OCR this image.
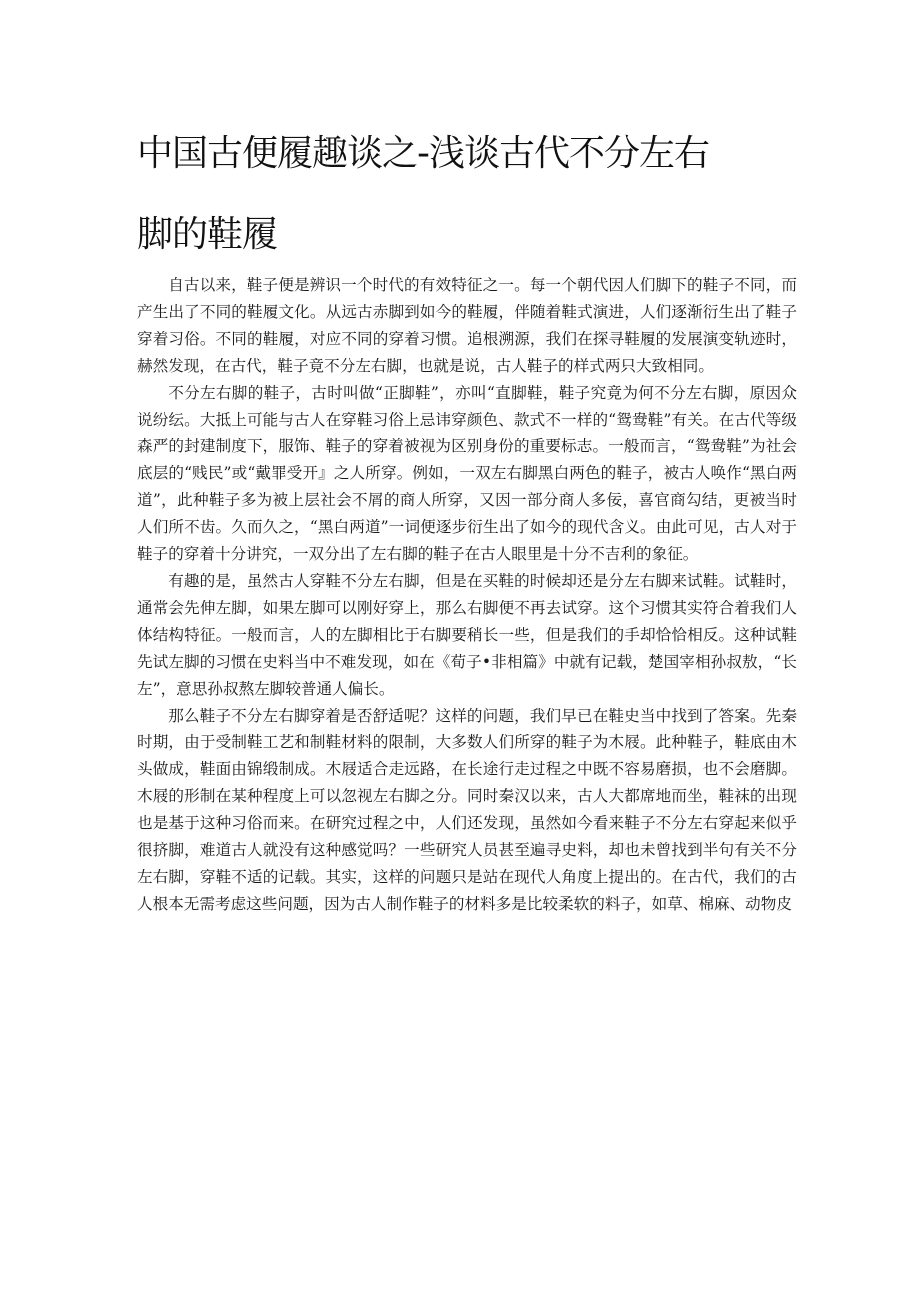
中国古便履趣谈之-浅谈古代不分左右
脚的鞋履

自古以来，鞋子便是辨识一个时代的有效特征之一。每一个朝代因人们脚下的鞋子不同，而产生出了不同的鞋履文化。从远古赤脚到如今的鞋履，伴随着鞋式演进，人们逐渐衍生出了鞋子穿着习俗。不同的鞋履，对应不同的穿着习惯。追根溯源，我们在探寻鞋履的发展演变轨迹时，赫然发现，在古代，鞋子竟不分左右脚，也就是说，古人鞋子的样式两只大致相同。

不分左右脚的鞋子，古时叫做“正脚鞋”，亦叫“直脚鞋，鞋子究竟为何不分左右脚，原因众说纷纭。大抵上可能与古人在穿鞋习俗上忌讳穿颜色、款式不一样的“鸳鸯鞋”有关。在古代等级森严的封建制度下，服饰、鞋子的穿着被视为区别身份的重要标志。一般而言，“鸳鸯鞋”为社会底层的“贱民”或“戴罪受开』之人所穿。例如，一双左右脚黑白两色的鞋子，被古人唤作“黑白两道”，此种鞋子多为被上层社会不屑的商人所穿，又因一部分商人多佞，喜官商勾结，更被当时人们所不齿。久而久之，“黑白两道”一词便逐步衍生出了如今的现代含义。由此可见，古人对于鞋子的穿着十分讲究，一双分出了左右脚的鞋子在古人眼里是十分不吉利的象征。

有趣的是，虽然古人穿鞋不分左右脚，但是在买鞋的时候却还是分左右脚来试鞋。试鞋时，通常会先伸左脚，如果左脚可以刚好穿上，那么右脚便不再去试穿。这个习惯其实符合着我们人体结构特征。一般而言，人的左脚相比于右脚要稍长一些，但是我们的手却恰恰相反。这种试鞋先试左脚的习惯在史料当中不难发现，如在《荀子•非相篇》中就有记载，楚国宰相孙叔敖，“长左”，意思孙叔熬左脚较普通人偏长。

那么鞋子不分左右脚穿着是否舒适呢？这样的问题，我们早已在鞋史当中找到了答案。先秦时期，由于受制鞋工艺和制鞋材料的限制，大多数人们所穿的鞋子为木屐。此种鞋子，鞋底由木头做成，鞋面由锦缎制成。木屐适合走远路，在长途行走过程之中既不容易磨损，也不会磨脚。木屐的形制在某种程度上可以忽视左右脚之分。同时秦汉以来，古人大都席地而坐，鞋袜的出现也是基于这种习俗而来。在研究过程之中，人们还发现，虽然如今看来鞋子不分左右穿起来似乎很挤脚，难道古人就没有这种感觉吗？一些研究人员甚至遍寻史料，却也未曾找到半句有关不分左右脚，穿鞋不适的记载。其实，这样的问题只是站在现代人角度上提出的。在古代，我们的古人根本无需考虑这些问题，因为古人制作鞋子的材料多是比较柔软的料子，如草、棉麻、动物皮
